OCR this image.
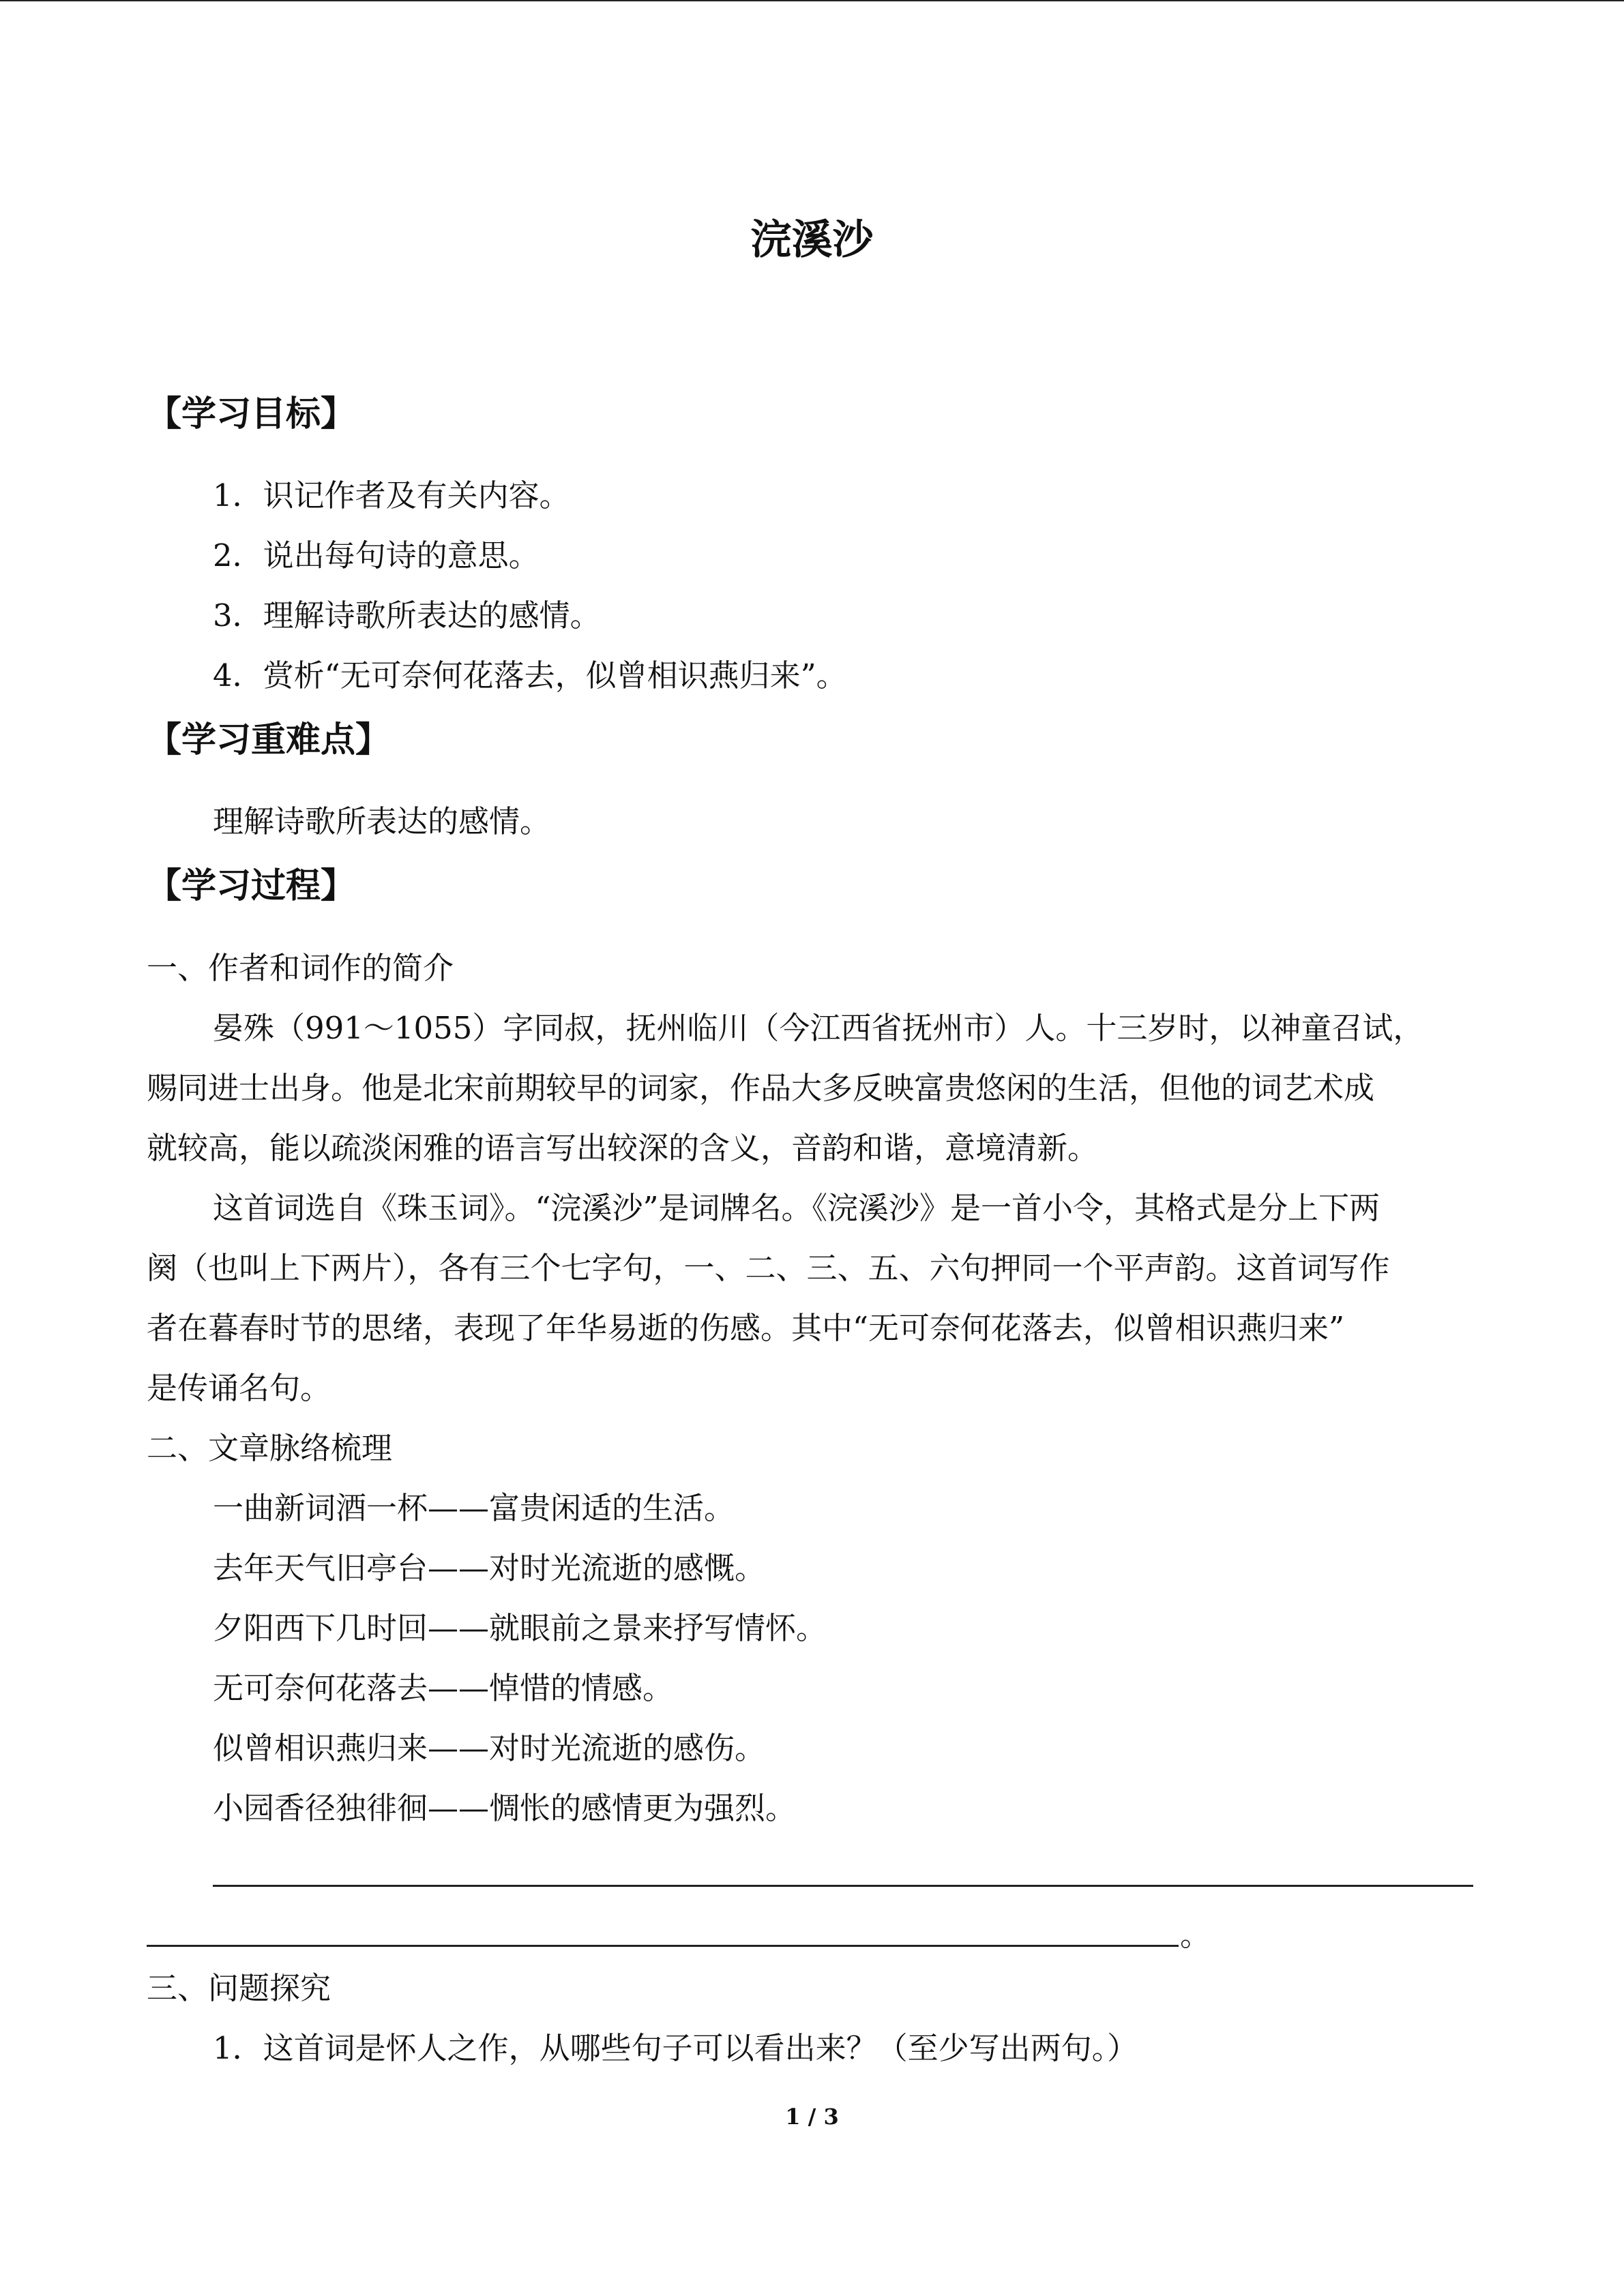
浣溪沙
【学习目标】
1．识记作者及有关内容。
2．说出每句诗的意思。
3．理解诗歌所表达的感情。
4．赏析“无可奈何花落去，似曾相识燕归来”。
【学习重难点】
理解诗歌所表达的感情。
【学习过程】
一、作者和词作的简介
晏殊（991～1055）字同叔，抚州临川（今江西省抚州市）人。十三岁时，以神童召试，
赐同进士出身。他是北宋前期较早的词家，作品大多反映富贵悠闲的生活，但他的词艺术成
就较高，能以疏淡闲雅的语言写出较深的含义，音韵和谐，意境清新。
这首词选自《珠玉词》。“浣溪沙”是词牌名。《浣溪沙》是一首小令，其格式是分上下两
阕（也叫上下两片），各有三个七字句，一、二、三、五、六句押同一个平声韵。这首词写作
者在暮春时节的思绪，表现了年华易逝的伤感。其中“无可奈何花落去，似曾相识燕归来”
是传诵名句。
二、文章脉络梳理
一曲新词酒一杯——富贵闲适的生活。
去年天气旧亭台——对时光流逝的感慨。
夕阳西下几时回——就眼前之景来抒写情怀。
无可奈何花落去——悼惜的情感。
似曾相识燕归来——对时光流逝的感伤。
小园香径独徘徊——惆怅的感情更为强烈。
。
三、问题探究
1．这首词是怀人之作，从哪些句子可以看出来？（至少写出两句。）
1 / 3
